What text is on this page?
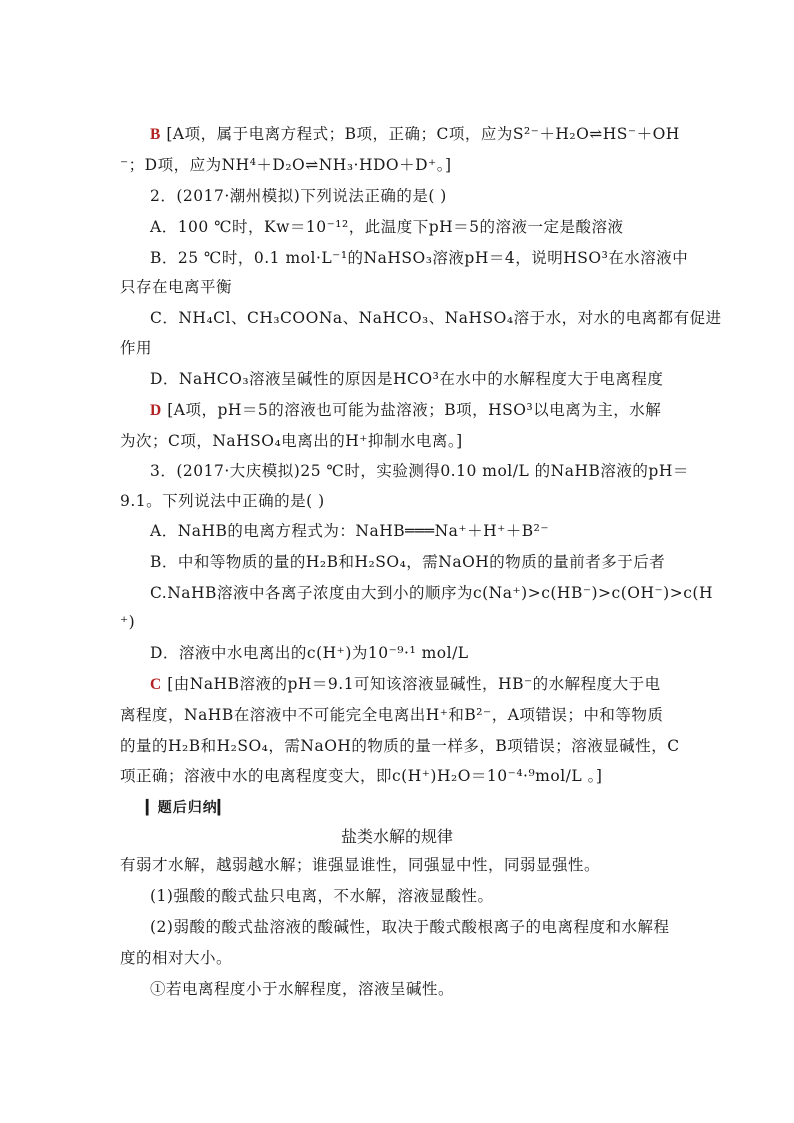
B [A项，属于电离方程式；B项，正确；C项，应为S²⁻＋H₂O⇌HS⁻＋OH
⁻；D项，应为NH⁴＋D₂O⇌NH₃·HDO＋D⁺。]
2．(2017·潮州模拟)下列说法正确的是( )
A．100 ℃时，Kw＝10⁻¹²，此温度下pH＝5的溶液一定是酸溶液
B．25 ℃时，0.1 mol·L⁻¹的NaHSO₃溶液pH＝4，说明HSO³在水溶液中
只存在电离平衡
C．NH₄Cl、CH₃COONa、NaHCO₃、NaHSO₄溶于水，对水的电离都有促进
作用
D．NaHCO₃溶液呈碱性的原因是HCO³在水中的水解程度大于电离程度
D [A项，pH＝5的溶液也可能为盐溶液；B项，HSO³以电离为主，水解
为次；C项，NaHSO₄电离出的H⁺抑制水电离。]
3．(2017·大庆模拟)25 ℃时，实验测得0.10 mol/L 的NaHB溶液的pH＝
9.1。下列说法中正确的是( )
A．NaHB的电离方程式为：NaHB═══Na⁺＋H⁺＋B²⁻
B．中和等物质的量的H₂B和H₂SO₄，需NaOH的物质的量前者多于后者
C.NaHB溶液中各离子浓度由大到小的顺序为c(Na⁺)>c(HB⁻)>c(OH⁻)>c(H
⁺)
D．溶液中水电离出的c(H⁺)为10⁻⁹·¹ mol/L
C [由NaHB溶液的pH＝9.1可知该溶液显碱性，HB⁻的水解程度大于电
离程度，NaHB在溶液中不可能完全电离出H⁺和B²⁻，A项错误；中和等物质
的量的H₂B和H₂SO₄，需NaOH的物质的量一样多，B项错误；溶液显碱性，C
项正确；溶液中水的电离程度变大，即c(H⁺)H₂O＝10⁻⁴·⁹mol/L 。]
▎题后归纳▎
盐类水解的规律
有弱才水解，越弱越水解；谁强显谁性，同强显中性，同弱显强性。
(1)强酸的酸式盐只电离，不水解，溶液显酸性。
(2)弱酸的酸式盐溶液的酸碱性，取决于酸式酸根离子的电离程度和水解程
度的相对大小。
①若电离程度小于水解程度，溶液呈碱性。
